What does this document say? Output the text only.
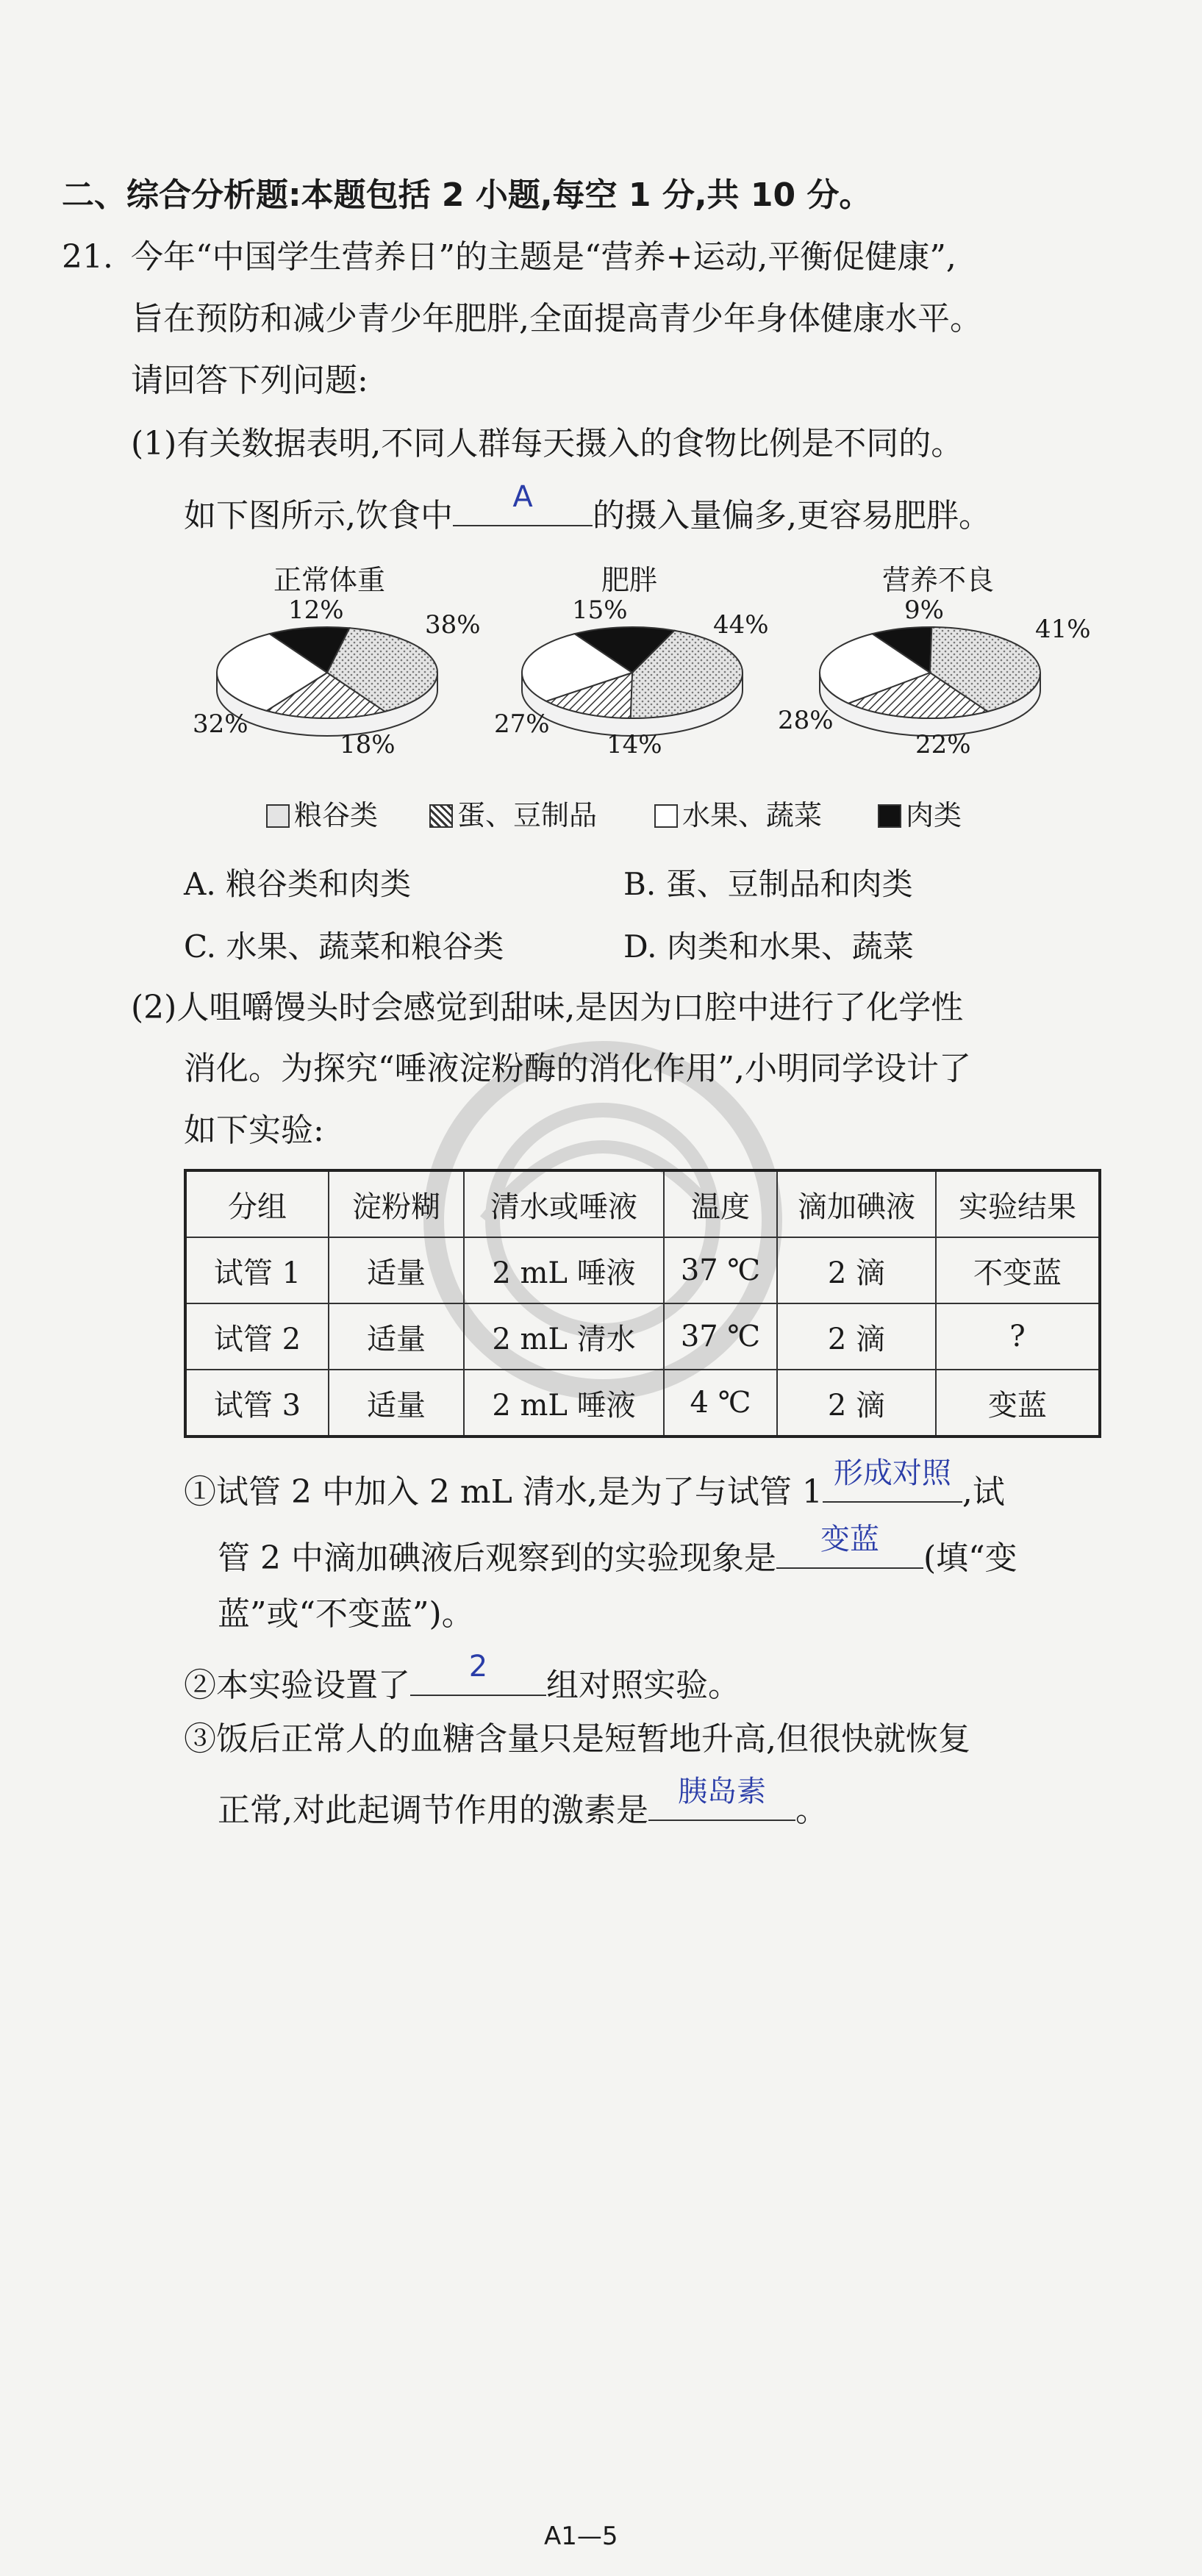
二、综合分析题:本题包括 2 小题,每空 1 分,共 10 分。
21. 今年“中国学生营养日”的主题是“营养+运动,平衡促健康”,
旨在预防和减少青少年肥胖,全面提高青少年身体健康水平。
请回答下列问题:
(1)有关数据表明,不同人群每天摄入的食物比例是不同的。
如下图所示,饮食中	A	的摄入量偏多,更容易肥胖。
正常体重	肥胖	营养不良
12%	38%
32%
18%
15%	44%
27%
14%
9%
41%
28%
22%
粮谷类	蛋、豆制品	水果、蔬菜	肉类
A. 粮谷类和肉类	B. 蛋、豆制品和肉类
C. 水果、蔬菜和粮谷类	D. 肉类和水果、蔬菜
(2)人咀嚼馒头时会感觉到甜味,是因为口腔中进行了化学性
消化。为探究“唾液淀粉酶的消化作用”,小明同学设计了
如下实验:
分组	淀粉糊	清水或唾液	温度	滴加碘液	实验结果
试管 1	适量	2 mL 唾液	37 ℃	2 滴	不变蓝
试管 2	适量	2 mL 清水	37 ℃	2 滴	?
试管 3	适量	2 mL 唾液	4 ℃	2 滴	变蓝
①试管 2 中加入 2 mL 清水,是为了与试管 1 形成对照 ,试
管 2 中滴加碘液后观察到的实验现象是	变蓝	(填“变
蓝”或“不变蓝”)。
②本实验设置了	2	组对照实验。
③饭后正常人的血糖含量只是短暂地升高,但很快就恢复
正常,对此起调节作用的激素是	胰岛素 。
A1—5
